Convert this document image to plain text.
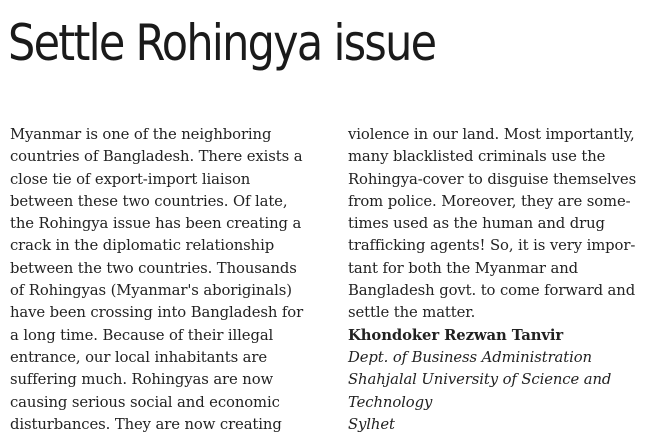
Settle Rohingya issue
Myanmar is one of the neighboring
countries of Bangladesh. There exists a
close tie of export-import liaison
between these two countries. Of late,
the Rohingya issue has been creating a
crack in the diplomatic relationship
between the two countries. Thousands
of Rohingyas (Myanmar's aboriginals)
have been crossing into Bangladesh for
a long time. Because of their illegal
entrance, our local inhabitants are
suffering much. Rohingyas are now
causing serious social and economic
disturbances. They are now creating
violence in our land. Most importantly,
many blacklisted criminals use the
Rohingya-cover to disguise themselves
from police. Moreover, they are some-
times used as the human and drug
trafficking agents! So, it is very impor-
tant for both the Myanmar and
Bangladesh govt. to come forward and
settle the matter.
Khondoker Rezwan Tanvir
Dept. of Business Administration
Shahjalal University of Science and
Technology
Sylhet
